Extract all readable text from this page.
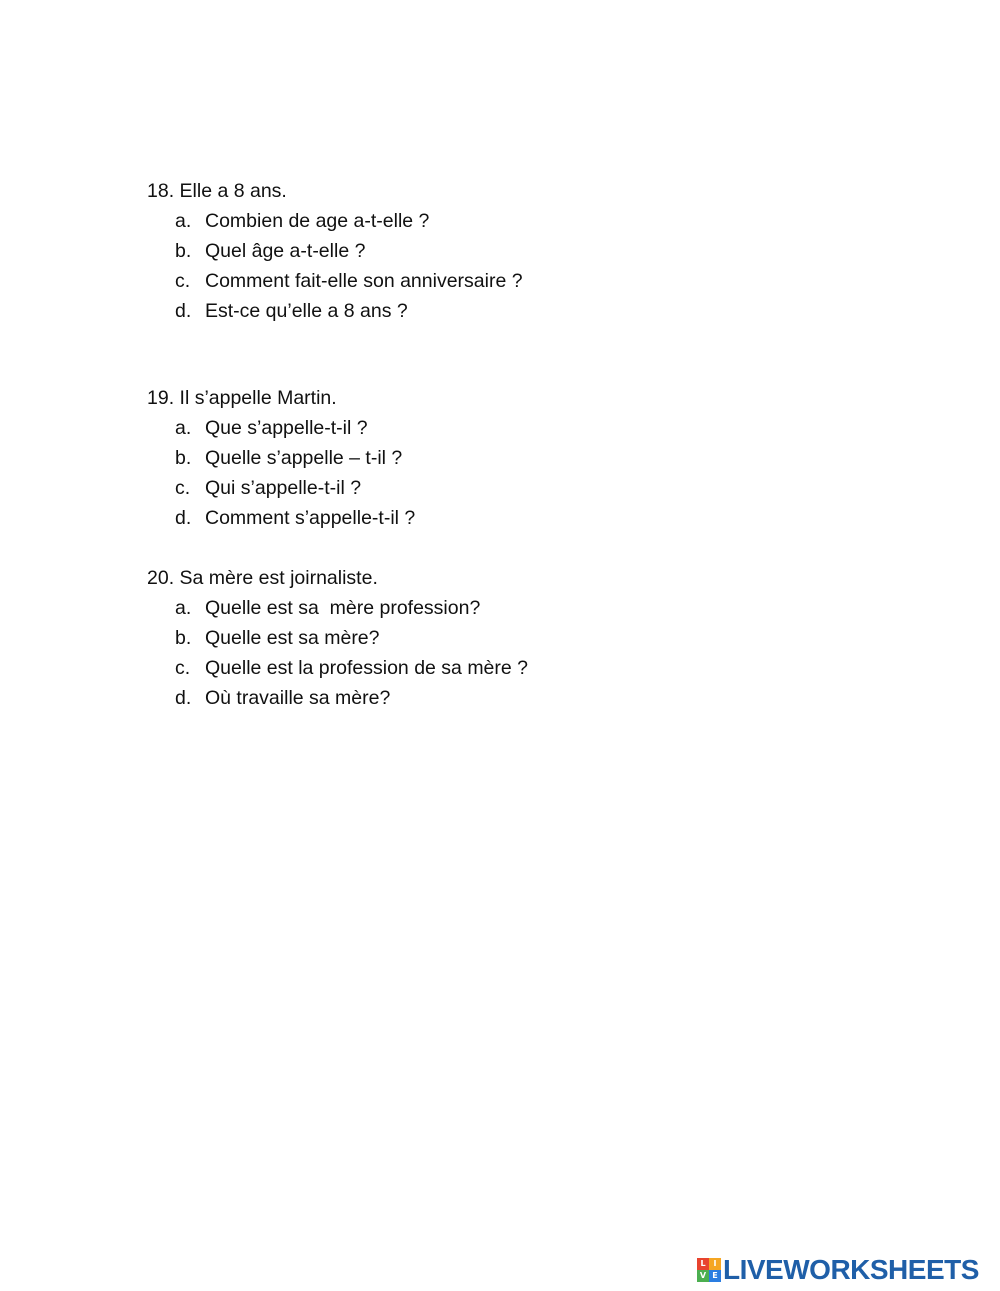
18. Elle a 8 ans.

a.

Combien de age a-t-elle ?

b.

Quel âge a-t-elle ?

c.

Comment fait-elle son anniversaire ?

d.

Est-ce qu’elle a 8 ans ?

19. Il s’appelle Martin.

a.

Que s’appelle-t-il ?

b.

Quelle s’appelle – t-il ?

c.

Qui s’appelle-t-il ?

d.

Comment s’appelle-t-il ?

20. Sa mère est joirnaliste.

a.

Quelle est sa  mère profession?

b.

Quelle est sa mère?

c.

Quelle est la profession de sa mère ?

d.

Où travaille sa mère?

L I
V E LIVEWORKSHEETS
